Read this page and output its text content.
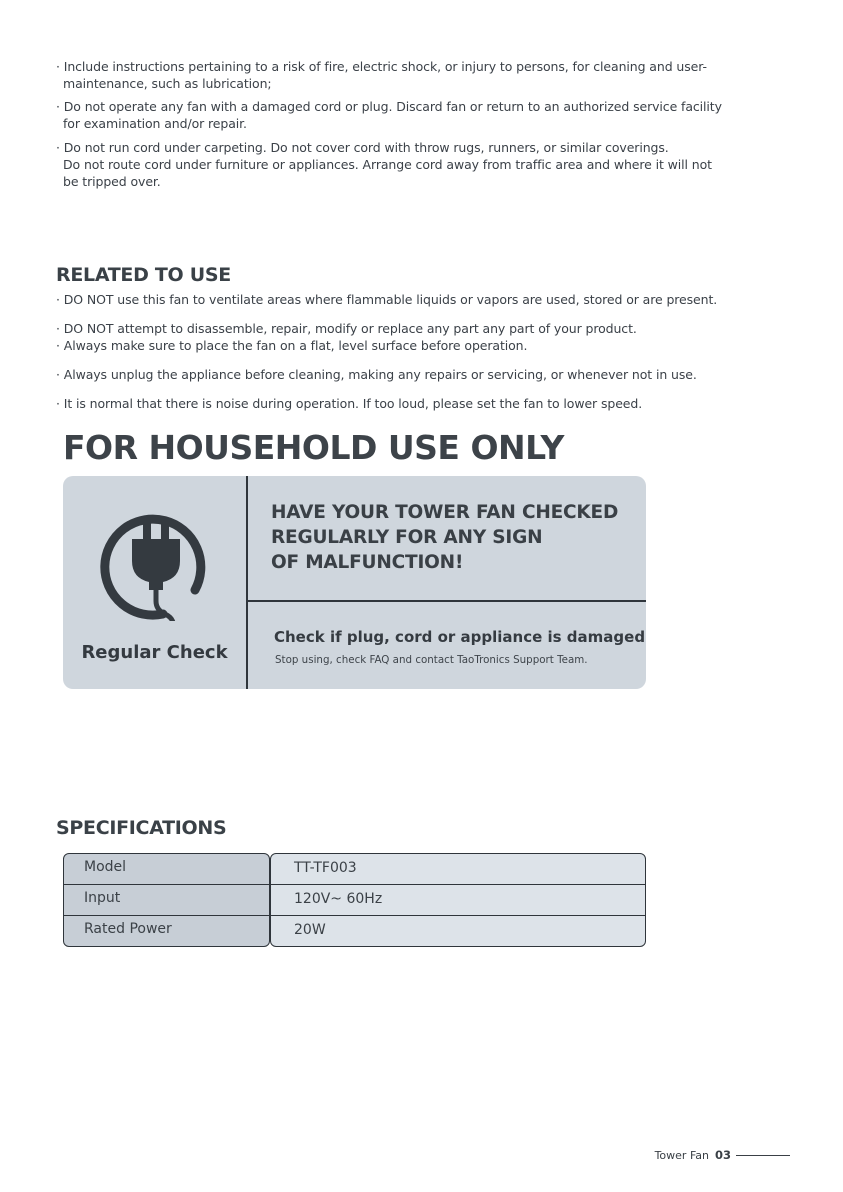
· Include instructions pertaining to a risk of fire, electric shock, or injury to persons, for cleaning and user-
maintenance, such as lubrication;
· Do not operate any fan with a damaged cord or plug. Discard fan or return to an authorized service facility
for examination and/or repair.
· Do not run cord under carpeting. Do not cover cord with throw rugs, runners, or similar coverings.
Do not route cord under furniture or appliances. Arrange cord away from traffic area and where it will not
be tripped over.
RELATED TO USE
· DO NOT use this fan to ventilate areas where flammable liquids or vapors are used, stored or are present.
· DO NOT attempt to disassemble, repair, modify or replace any part any part of your product.
· Always make sure to place the fan on a flat, level surface before operation.
· Always unplug the appliance before cleaning, making any repairs or servicing, or whenever not in use.
· It is normal that there is noise during operation. If too loud, please set the fan to lower speed.
FOR HOUSEHOLD USE ONLY
Regular Check
HAVE YOUR TOWER FAN CHECKED
REGULARLY FOR ANY SIGN
OF MALFUNCTION!
Check if plug, cord or appliance is damaged
Stop using, check FAQ and contact TaoTronics Support Team.
SPECIFICATIONS
Model	TT-TF003
Input	120V~ 60Hz
Rated Power	20W
Tower Fan 03
